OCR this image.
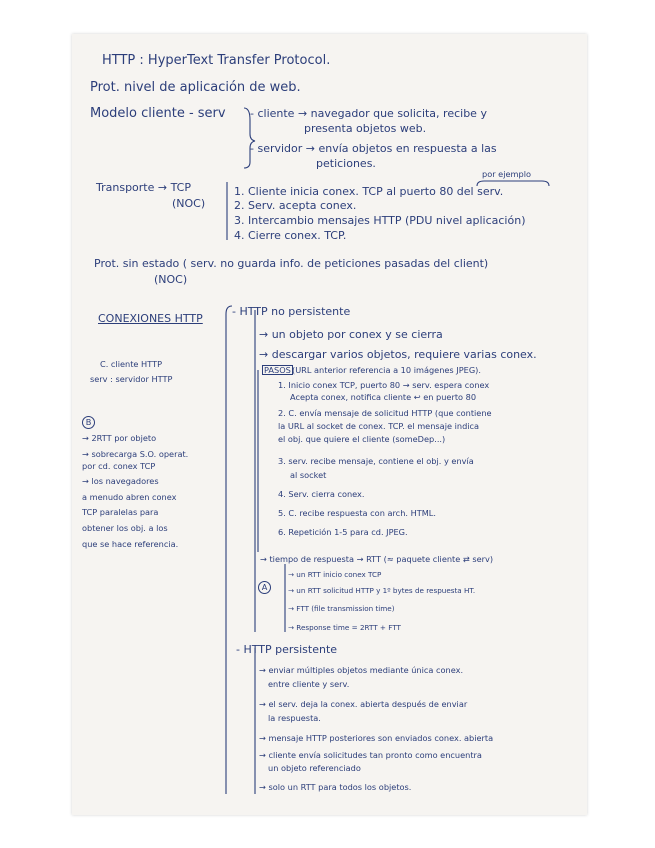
HTTP : HyperText Transfer Protocol.
Prot. nivel de aplicación de web.
Modelo cliente - serv - cliente → navegador que solicita, recibe y
presenta objetos web.
- servidor → envía objetos en respuesta a las
peticiones.
por ejemplo
Transporte → TCP
(NOC)
1. Cliente inicia conex. TCP al puerto 80 del serv.
2. Serv. acepta conex.
3. Intercambio mensajes HTTP (PDU nivel aplicación)
4. Cierre conex. TCP.
Prot. sin estado ( serv. no guarda info. de peticiones pasadas del client)
(NOC)
CONEXIONES HTTP
C. cliente HTTP
serv : servidor HTTP
B
→ 2RTT por objeto
→ sobrecarga S.O. operat.
por cd. conex TCP
→ los navegadores
a menudo abren conex
TCP paralelas para
obtener los obj. a los
que se hace referencia.
- HTTP no persistente
→ un objeto por conex y se cierra
→ descargar varios objetos, requiere varias conex.
PASOS (URL anterior referencia a 10 imágenes JPEG).
1. Inicio conex TCP, puerto 80 → serv. espera conex
Acepta conex, notifica cliente ↩ en puerto 80
2. C. envía mensaje de solicitud HTTP (que contiene
la URL al socket de conex. TCP. el mensaje indica
el obj. que quiere el cliente (someDep...)
3. serv. recibe mensaje, contiene el obj. y envía
al socket
4. Serv. cierra conex.
5. C. recibe respuesta con arch. HTML.
6. Repetición 1-5 para cd. JPEG.
→ tiempo de respuesta → RTT (≈ paquete cliente ⇄ serv)
A
→ un RTT inicio conex TCP
→ un RTT solicitud HTTP y 1º bytes de respuesta HT.
→ FTT (file transmission time)
→ Response time = 2RTT + FTT
- HTTP persistente
→ enviar múltiples objetos mediante única conex.
entre cliente y serv.
→ el serv. deja la conex. abierta después de enviar
la respuesta.
→ mensaje HTTP posteriores son enviados conex. abierta
→ cliente envía solicitudes tan pronto como encuentra
un objeto referenciado
→ solo un RTT para todos los objetos.
